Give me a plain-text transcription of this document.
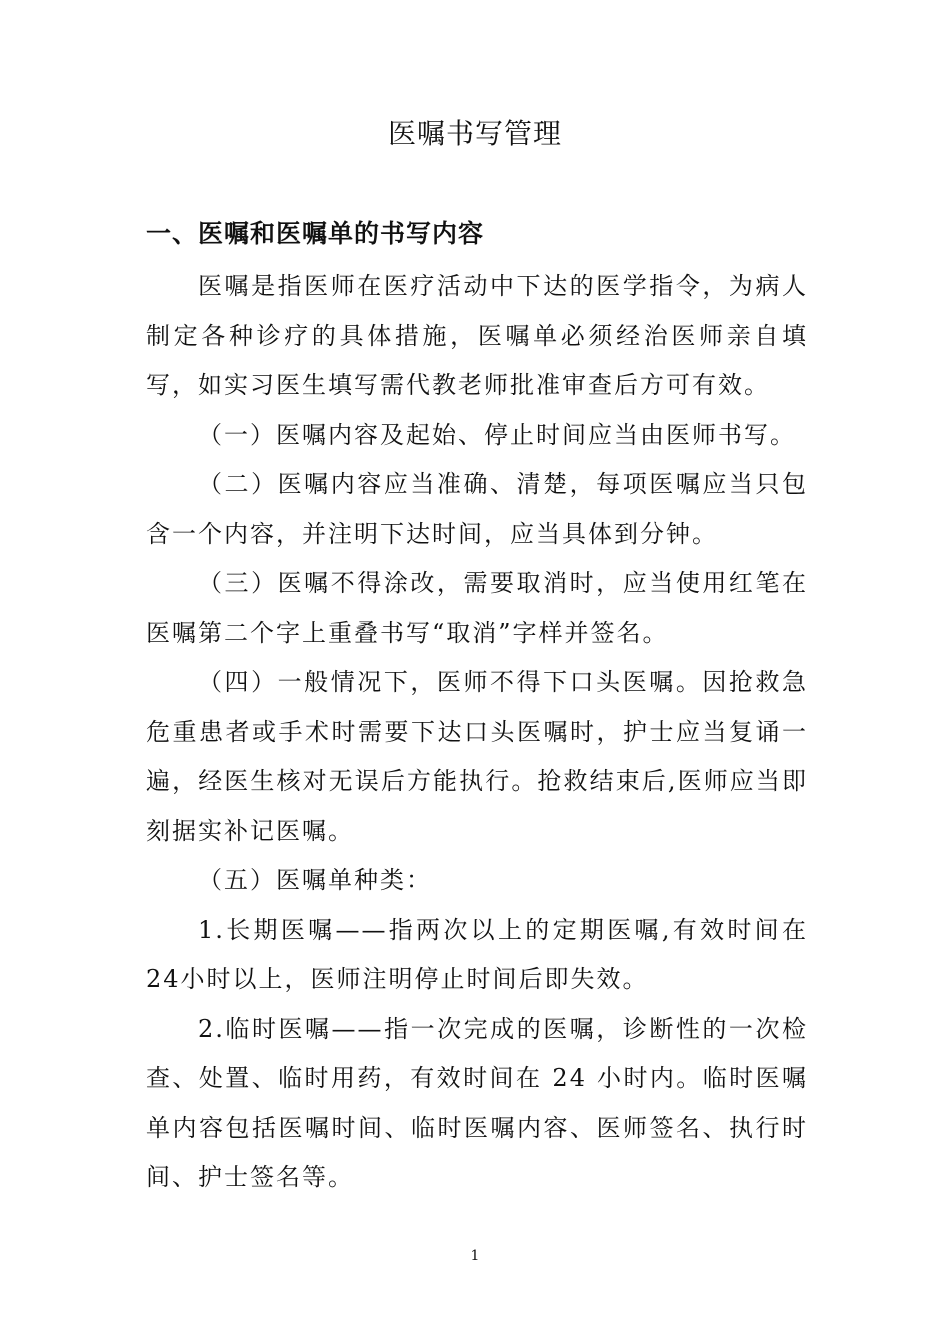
医嘱书写管理
一、医嘱和医嘱单的书写内容

医嘱是指医师在医疗活动中下达的医学指令，为病人制定各种诊疗的具体措施，医嘱单必须经治医师亲自填写，如实习医生填写需代教老师批准审查后方可有效。

（一）医嘱内容及起始、停止时间应当由医师书写。

（二）医嘱内容应当准确、清楚，每项医嘱应当只包含一个内容，并注明下达时间，应当具体到分钟。

（三）医嘱不得涂改，需要取消时，应当使用红笔在医嘱第二个字上重叠书写“取消”字样并签名。

（四）一般情况下，医师不得下口头医嘱。因抢救急危重患者或手术时需要下达口头医嘱时，护士应当复诵一遍，经医生核对无误后方能执行。抢救结束后,医师应当即刻据实补记医嘱。

（五）医嘱单种类：

1.长期医嘱——指两次以上的定期医嘱,有效时间在24小时以上，医师注明停止时间后即失效。

2.临时医嘱——指一次完成的医嘱，诊断性的一次检查、处置、临时用药，有效时间在 24 小时内。临时医嘱单内容包括医嘱时间、临时医嘱内容、医师签名、执行时间、护士签名等。

1
